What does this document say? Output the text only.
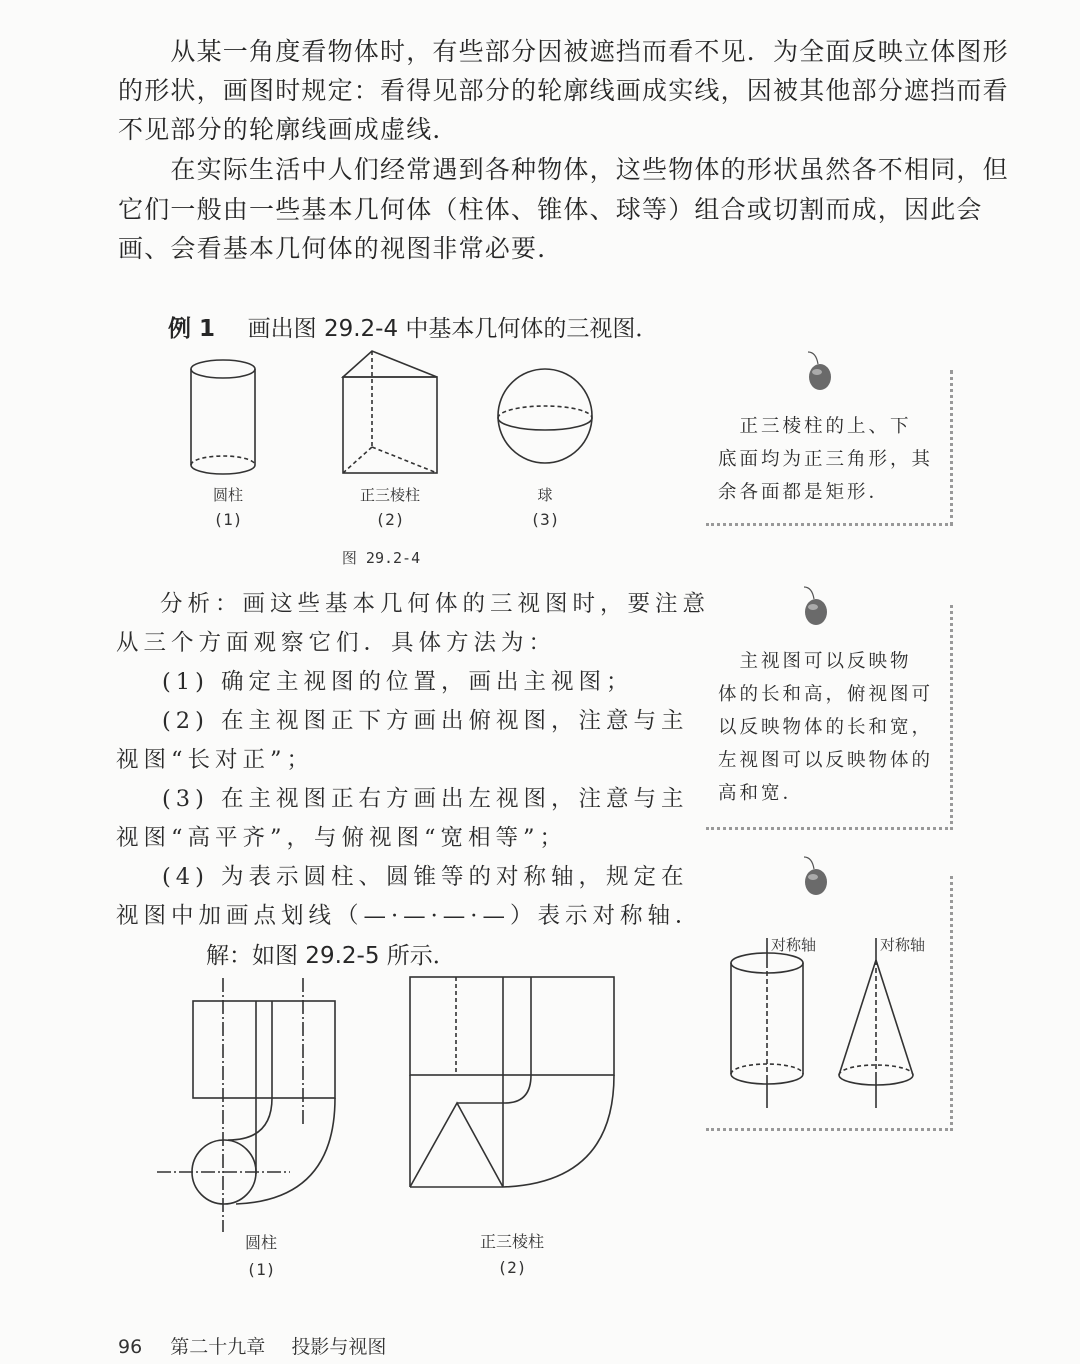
　　从某一角度看物体时，有些部分因被遮挡而看不见．为全面反映立体图形
的形状，画图时规定：看得见部分的轮廓线画成实线，因被其他部分遮挡而看
不见部分的轮廓线画成虚线．
　　在实际生活中人们经常遇到各种物体，这些物体的形状虽然各不相同，但
它们一般由一些基本几何体（柱体、锥体、球等）组合或切割而成，因此会
画、会看基本几何体的视图非常必要．
例 1 画出图 29.2-4 中基本几何体的三视图．
圆柱
(1)
正三棱柱
(2)
球
(3)
图 29.2-4
分析：画这些基本几何体的三视图时，要注意
从三个方面观察它们．具体方法为：
(1) 确定主视图的位置，画出主视图；
(2) 在主视图正下方画出俯视图，注意与主
视图“长对正”；
(3) 在主视图正右方画出左视图，注意与主
视图“高平齐”，与俯视图“宽相等”；
(4) 为表示圆柱、圆锥等的对称轴，规定在
视图中加画点划线（—·—·—·—）表示对称轴．
解：如图 29.2-5 所示．
圆柱
(1)
正三棱柱
(2)
　正三棱柱的上、下
底面均为正三角形，其
余各面都是矩形．
　主视图可以反映物
体的长和高，俯视图可
以反映物体的长和宽，
左视图可以反映物体的
高和宽．
对称轴	对称轴
96 第二十九章 投影与视图
